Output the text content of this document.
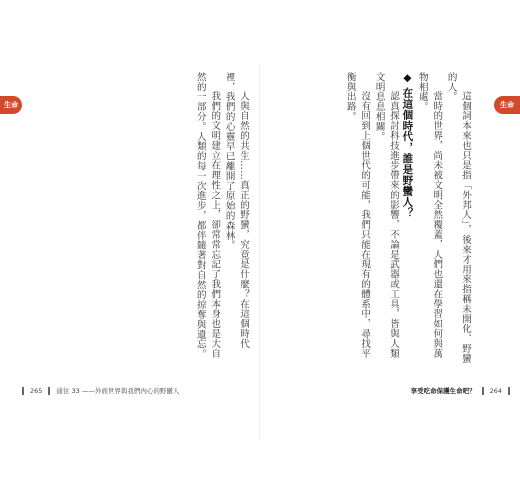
生命	生命

人與自然的共生……真正的野蠻，究竟是什麼？在這個時代裡，我們的心靈早已離開了原始的森林。

我們的文明建立在理性之上，卻常常忘記了我們本身也是大自然的一部分。人類的每一次進步，都伴隨著對自然的掠奪與遺忘。	這個詞本來也只是指「外邦人」，後來才用來指稱未開化、野蠻的人。

當時的世界，尚未被文明全然覆蓋，人們也還在學習如何與萬物相處。

◆在這個時代，誰是野蠻人？

認真探討科技進步帶來的影響，不論是武器或工具，皆與人類文明息息相關。

沒有回到上個世代的可能，我們只能在現有的體系中，尋找平衡與出路。

265 通往 33 ——外面世界與我們內心的野蠻人	享受吃命保護生命吧？ 264
